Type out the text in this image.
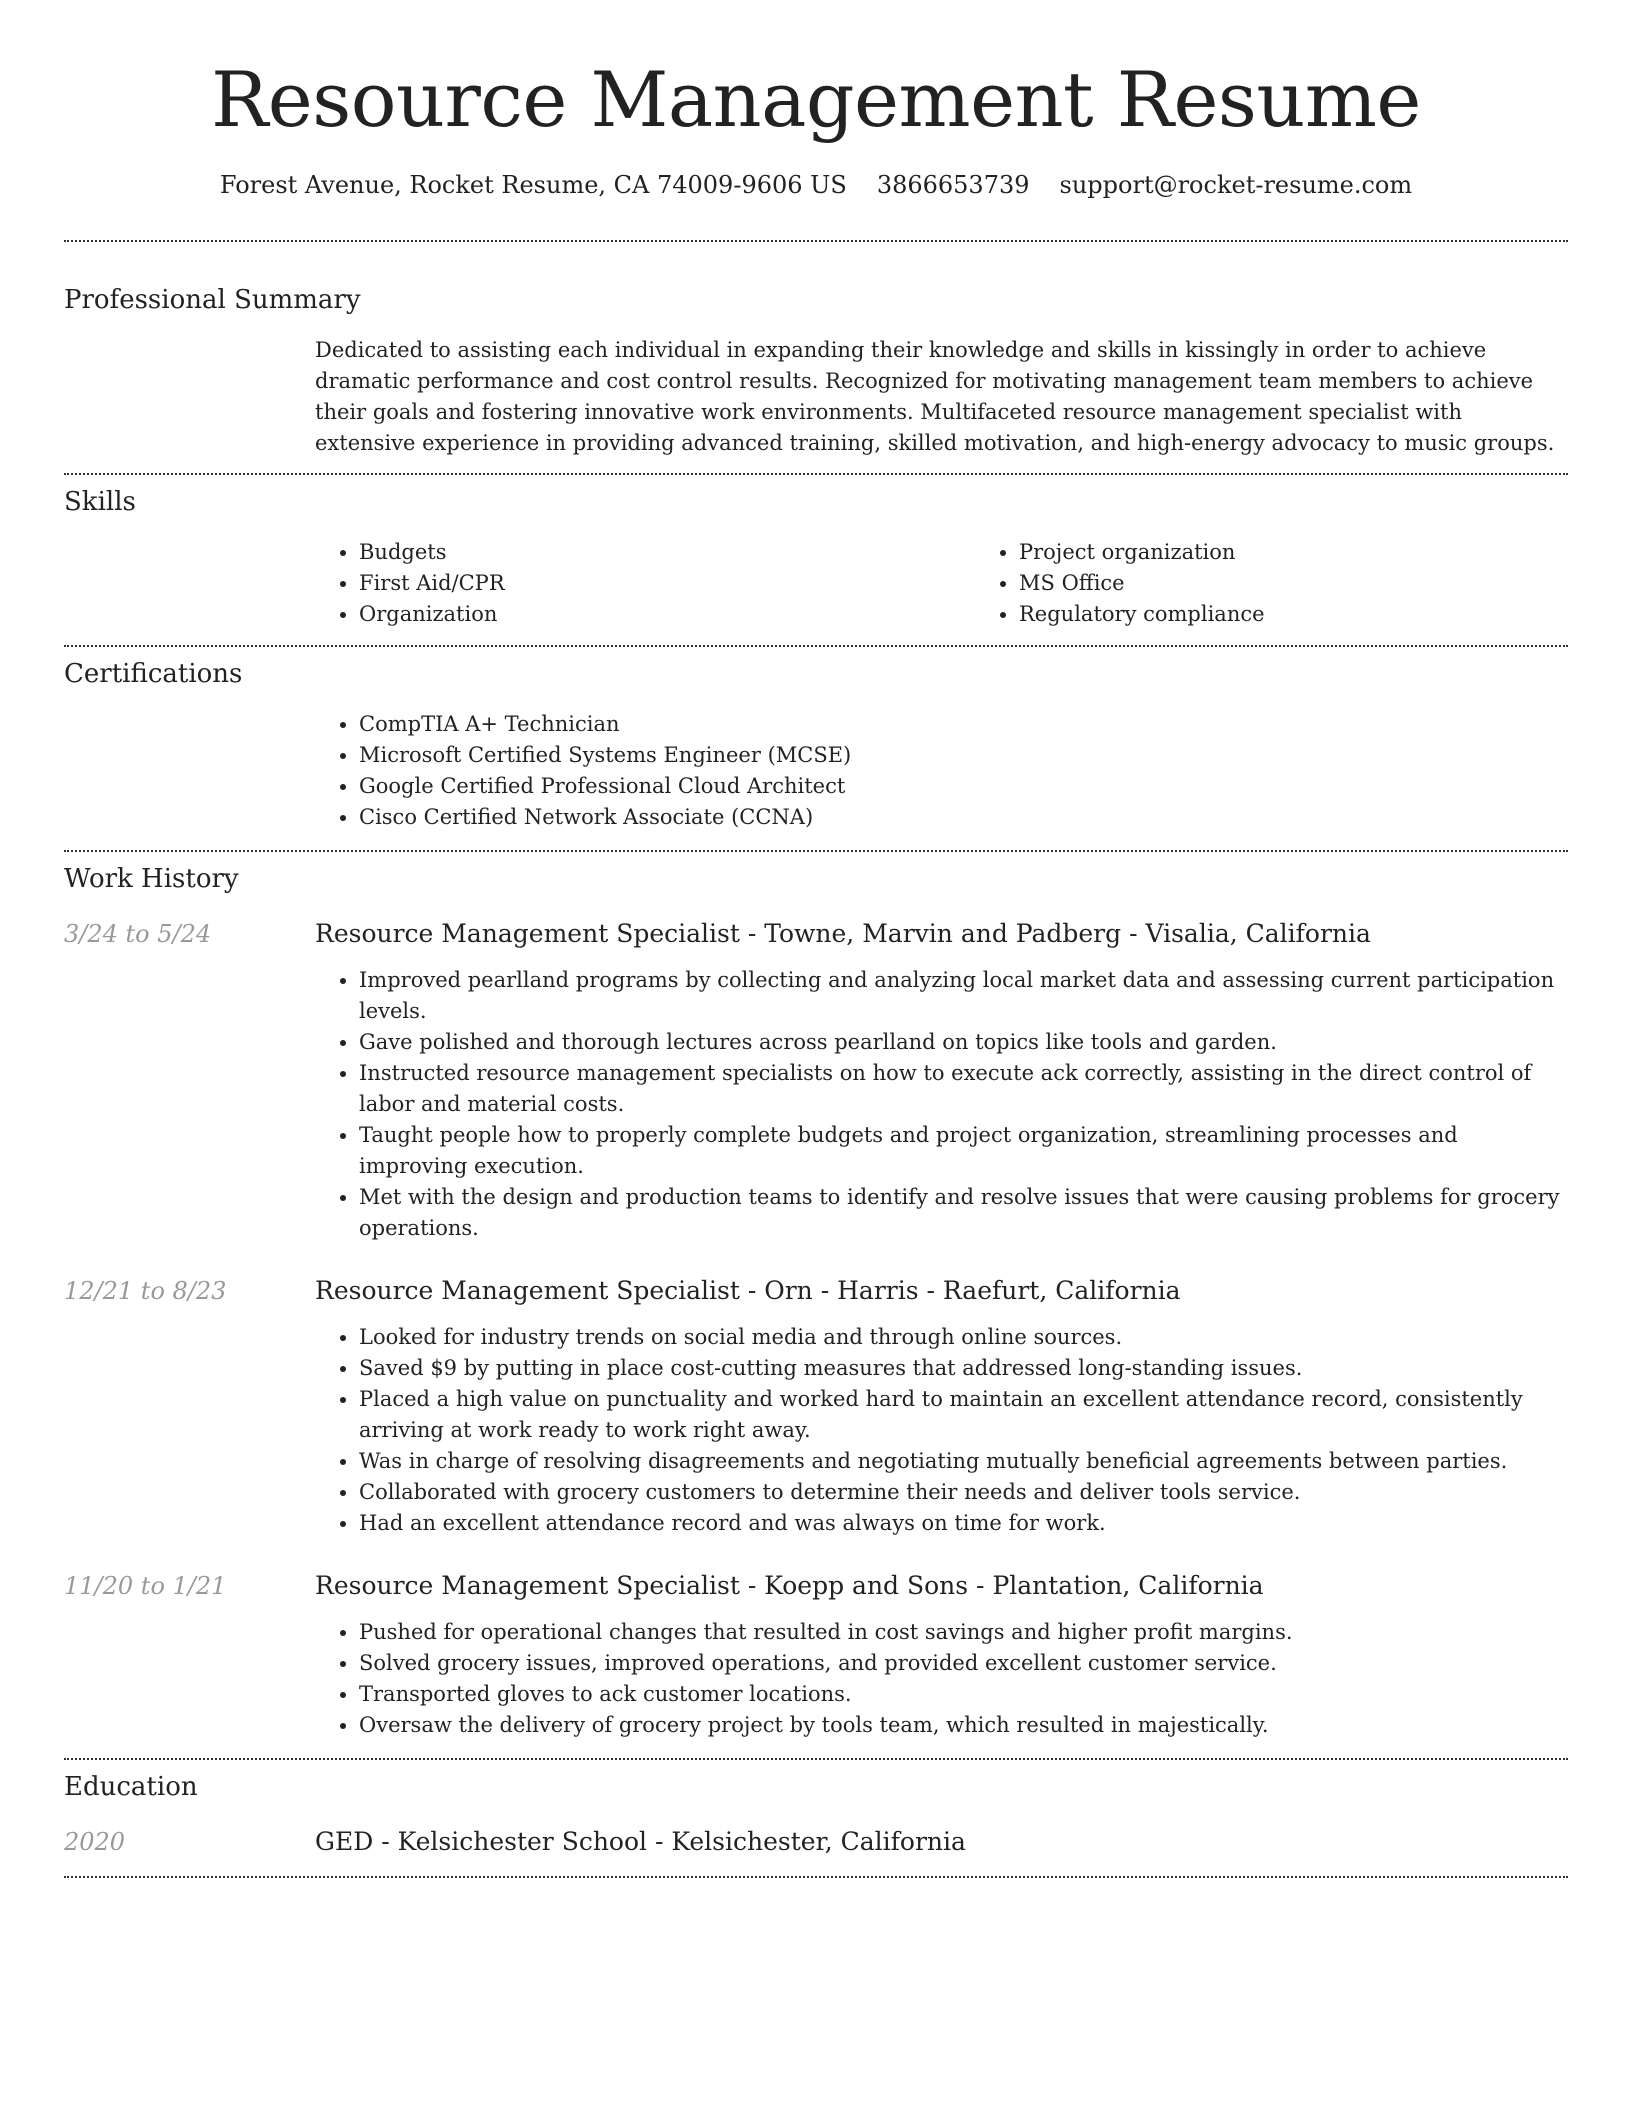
Resource Management Resume
Forest Avenue, Rocket Resume, CA 74009-9606 US 3866653739 support@rocket-resume.com
Professional Summary

Dedicated to assisting each individual in expanding their knowledge and skills in kissingly in order to achieve dramatic performance and cost control results. Recognized for motivating management team members to achieve their goals and fostering innovative work environments. Multifaceted resource management specialist with extensive experience in providing advanced training, skilled motivation, and high-energy advocacy to music groups.

Skills
• Budgets
• First Aid/CPR
• Organization
• Project organization
• MS Office
• Regulatory compliance
Certifications
• CompTIA A+ Technician
• Microsoft Certified Systems Engineer (MCSE)
• Google Certified Professional Cloud Architect
• Cisco Certified Network Associate (CCNA)
Work History
3/24 to 5/24	Resource Management Specialist - Towne, Marvin and Padberg - Visalia, California
• Improved pearlland programs by collecting and analyzing local market data and assessing current participation levels.
• Gave polished and thorough lectures across pearlland on topics like tools and garden.
• Instructed resource management specialists on how to execute ack correctly, assisting in the direct control of labor and material costs.
• Taught people how to properly complete budgets and project organization, streamlining processes and improving execution.
• Met with the design and production teams to identify and resolve issues that were causing problems for grocery operations.
12/21 to 8/23	Resource Management Specialist - Orn - Harris - Raefurt, California
• Looked for industry trends on social media and through online sources.
• Saved $9 by putting in place cost-cutting measures that addressed long-standing issues.
• Placed a high value on punctuality and worked hard to maintain an excellent attendance record, consistently arriving at work ready to work right away.
• Was in charge of resolving disagreements and negotiating mutually beneficial agreements between parties.
• Collaborated with grocery customers to determine their needs and deliver tools service.
• Had an excellent attendance record and was always on time for work.
11/20 to 1/21	Resource Management Specialist - Koepp and Sons - Plantation, California
• Pushed for operational changes that resulted in cost savings and higher profit margins.
• Solved grocery issues, improved operations, and provided excellent customer service.
• Transported gloves to ack customer locations.
• Oversaw the delivery of grocery project by tools team, which resulted in majestically.
Education
2020	GED - Kelsichester School - Kelsichester, California
